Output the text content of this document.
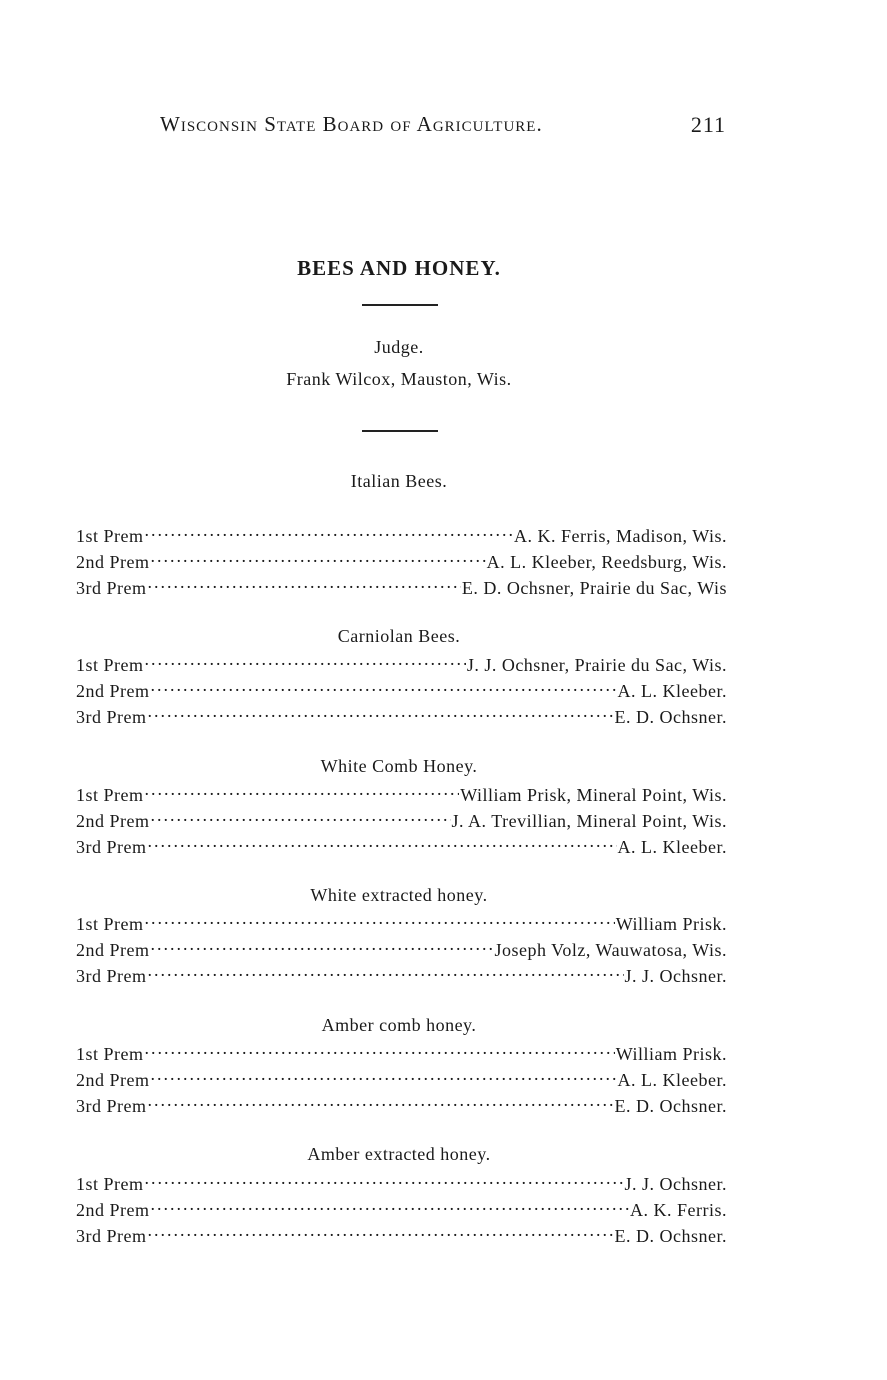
Wisconsin State Board of Agriculture.	211
BEES AND HONEY.
Judge.
Frank Wilcox, Mauston, Wis.
Italian Bees.
1st Prem .....	A. K. Ferris, Madison, Wis.
2nd Prem .....	A. L. Kleeber, Reedsburg, Wis.
3rd Prem .....	E. D. Ochsner, Prairie du Sac, Wis
Carniolan Bees.
1st Prem .....	J. J. Ochsner, Prairie du Sac, Wis.
2nd Prem .....	A. L. Kleeber.
3rd Prem .....	E. D. Ochsner.
White Comb Honey.
1st Prem .....	William Prisk, Mineral Point, Wis.
2nd Prem .....	J. A. Trevillian, Mineral Point, Wis.
3rd Prem .....	A. L. Kleeber.
White extracted honey.
1st Prem .....	William Prisk.
2nd Prem .....	Joseph Volz, Wauwatosa, Wis.
3rd Prem .....	J. J. Ochsner.
Amber comb honey.
1st Prem .....	William Prisk.
2nd Prem .....	A. L. Kleeber.
3rd Prem .....	E. D. Ochsner.
Amber extracted honey.
1st Prem .....	J. J. Ochsner.
2nd Prem .....	A. K. Ferris.
3rd Prem .....	E. D. Ochsner.
